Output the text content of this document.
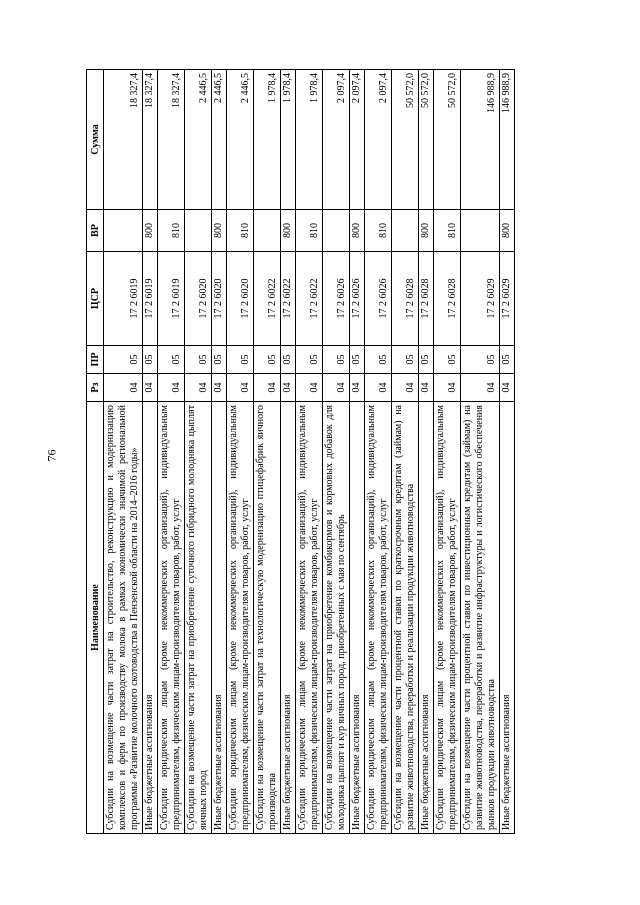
76
Наименование	Рз	ПР	ЦСР	ВР	Сумма
Субсидии на возмещение части затрат на строительство, реконструкцию и модернизацию комплексов и ферм по производству молока в рамках экономически значимой региональной программы «Развитие молочного скотоводства в Пензенской области на 2014–2016 годы»	04	05	17 2 6019		18 327,4
Иные бюджетные ассигнования	04	05	17 2 6019	800	18 327,4
Субсидии юридическим лицам (кроме некоммерческих организаций), индивидуальным предпринимателям, физическим лицам-производителям товаров, работ, услуг	04	05	17 2 6019	810	18 327,4
Субсидии на возмещение части затрат на приобретение суточного гибридного молодняка цыплят яичных пород	04	05	17 2 6020		2 446,5
Иные бюджетные ассигнования	04	05	17 2 6020	800	2 446,5
Субсидии юридическим лицам (кроме некоммерческих организаций), индивидуальным предпринимателям, физическим лицам-производителям товаров, работ, услуг	04	05	17 2 6020	810	2 446,5
Субсидии на возмещение части затрат на технологическую модернизацию птицефабрик яичного производства	04	05	17 2 6022		1 978,4
Иные бюджетные ассигнования	04	05	17 2 6022	800	1 978,4
Субсидии юридическим лицам (кроме некоммерческих организаций), индивидуальным предпринимателям, физическим лицам-производителям товаров, работ, услуг	04	05	17 2 6022	810	1 978,4
Субсидии на возмещение части затрат на приобретение комбикормов и кормовых добавок для молодняка цыплят и кур яичных пород, приобретенных с мая по сентябрь	04	05	17 2 6026		2 097,4
Иные бюджетные ассигнования	04	05	17 2 6026	800	2 097,4
Субсидии юридическим лицам (кроме некоммерческих организаций), индивидуальным предпринимателям, физическим лицам-производителям товаров, работ, услуг	04	05	17 2 6026	810	2 097,4
Субсидии на возмещение части процентной ставки по краткосрочным кредитам (займам) на развитие животноводства, переработки и реализации продукции животноводства	04	05	17 2 6028		50 572,0
Иные бюджетные ассигнования	04	05	17 2 6028	800	50 572,0
Субсидии юридическим лицам (кроме некоммерческих организаций), индивидуальным предпринимателям, физическим лицам-производителям товаров, работ, услуг	04	05	17 2 6028	810	50 572,0
Субсидии на возмещение части процентной ставки по инвестиционным кредитам (займам) на развитие животноводства, переработки и развитие инфраструктуры и логистического обеспечения рынков продукции животноводства	04	05	17 2 6029		146 988,9
Иные бюджетные ассигнования	04	05	17 2 6029	800	146 988,9
